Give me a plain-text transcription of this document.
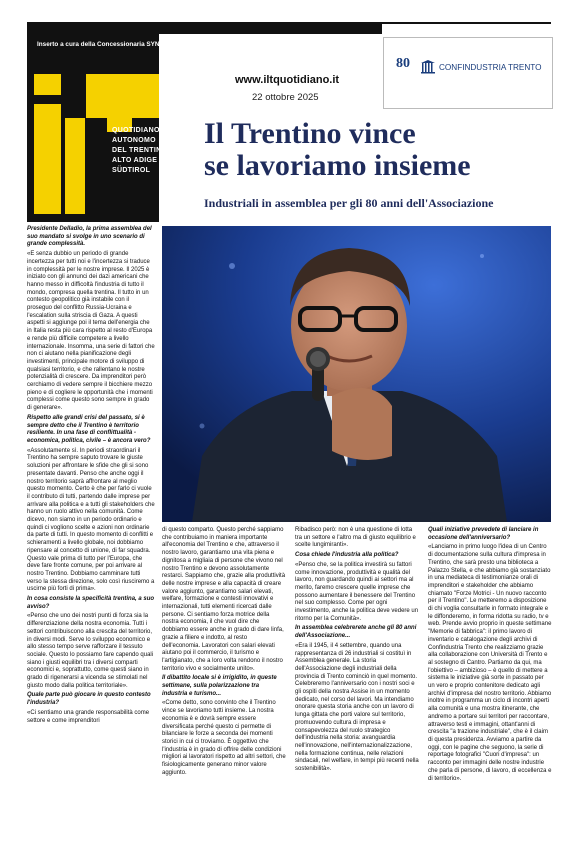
Inserto a cura della Concessionaria SYNTHESIS pubblicità
QUOTIDIANO
AUTONOMO
DEL TRENTINO
ALTO ADIGE /
SÜDTIROL
www.iltquotidiano.it
22 ottobre 2025
80	CONFINDUSTRIA TRENTO
Il Trentino vince
se lavoriamo insieme
Industriali in assemblea per gli 80 anni dell'Associazione

Presidente Delladio, la prima assemblea del suo mandato si svolge in uno scenario di grande complessità.

«E senza dubbio un periodo di grande incertezza per tutti noi e l'incertezza si traduce in complessità per le nostre imprese. Il 2025 è iniziato con gli annunci dei dazi americani che hanno messo in difficoltà l'industria di tutto il mondo, compresa quella trentina. Il tutto in un contesto geopolitico già instabile con il proseguo del conflitto Russia-Ucraina e l'escalation sulla striscia di Gaza. A questi aspetti si aggiunge poi il tema dell'energia che in Italia resta più cara rispetto al resto d'Europa e rende più difficile competere a livello internazionale. Insomma, una serie di fattori che non ci aiutano nella pianificazione degli investimenti, principale motore di sviluppo di qualsiasi territorio, e che rallentano le nostre potenzialità di crescere. Da imprenditori però cerchiamo di vedere sempre il bicchiere mezzo pieno e di cogliere le opportunità che i momenti complessi come questo sono sempre in grado di generare».

Rispetto alle grandi crisi del passato, si è sempre detto che il Trentino è territorio resiliente. In una fase di conflittualità - economica, politica, civile – è ancora vero?

«Assolutamente sì. In periodi straordinari il Trentino ha sempre saputo trovare le giuste soluzioni per affrontare le sfide che gli si sono presentate davanti. Penso che anche oggi il nostro territorio saprà affrontare al meglio questo momento. Certo è che per farlo ci vuole il contributo di tutti, partendo dalle imprese per arrivare alla politica e a tutti gli stakeholders che hanno un ruolo attivo nella comunità. Come dicevo, non siamo in un periodo ordinario e quindi ci vogliono scelte e azioni non ordinarie da parte di tutti. In questo momento di conflitti e schieramenti a livello globale, noi dobbiamo ripensare al concetto di unione, di far squadra. Questo vale prima di tutto per l'Europa, che deve fare fronte comune, per poi arrivare al nostro Trentino. Dobbiamo camminare tutti verso la stessa direzione, solo così riusciremo a uscirne più forti di prima».

In cosa consiste la specificità trentina, a suo avviso?

«Penso che uno dei nostri punti di forza sia la differenziazione della nostra economia. Tutti i settori contribuiscono alla crescita del territorio, in diversi modi. Serve lo sviluppo economico e allo stesso tempo serve rafforzare il tessuto sociale. Questo lo possiamo fare capendo quali siano i giusti equilibri tra i diversi comparti economici e, soprattutto, come questi siano in grado di rigenerarsi a vicenda se stimolati nel giusto modo dalla politica territoriale».

Quale parte può giocare in questo contesto l'industria?

«Ci sentiamo una grande responsabilità come settore e come imprenditori

di questo comparto. Questo perché sappiamo che contribuiamo in maniera importante all'economia del Trentino e che, attraverso il nostro lavoro, garantiamo una vita piena e dignitosa a migliaia di persone che vivono nel nostro Trentino e devono assolutamente restarci. Sappiamo che, grazie alla produttività delle nostre imprese e alla capacità di creare valore aggiunto, garantiamo salari elevati, welfare, formazione e contesti innovativi e internazionali, tutti elementi ricercati dalle persone. Ci sentiamo forza motrice della nostra economia, il che vuol dire che dobbiamo essere anche in grado di dare linfa, grazie a filiere e indotto, al resto dell'economia. Lavoratori con salari elevati aiutano poi il commercio, il turismo e l'artigianato, che a loro volta rendono il nostro territorio vivo e socialmente unito».

Il dibattito locale si è irrigidito, in queste settimane, sulla polarizzazione tra industria e turismo...

«Come detto, sono convinto che il Trentino vince se lavoriamo tutti insieme. La nostra economia è e dovrà sempre essere diversificata perché questo ci permette di bilanciare le forze a seconda dei momenti storici in cui ci troviamo. È oggettivo che l'industria è in grado di offrire delle condizioni migliori ai lavoratori rispetto ad altri settori, che fisiologicamente generano minor valore aggiunto.

Ribadisco però: non è una questione di lotta tra un settore e l'altro ma di giusto equilibrio e scelte lungimiranti».

Cosa chiede l'industria alla politica?

«Penso che, se la politica investirà su fattori come innovazione, produttività e qualità del lavoro, non guardando quindi ai settori ma al merito, faremo crescere quelle imprese che possono aumentare il benessere del Trentino nel suo complesso. Come per ogni investimento, anche la politica deve vedere un ritorno per la Comunità».

In assemblea celebrerete anche gli 80 anni dell'Associazione...

«Era il 1945, il 4 settembre, quando una rappresentanza di 26 industriali si costituì in Assemblea generale. La storia dell'Associazione degli industriali della provincia di Trento cominciò in quel momento. Celebreremo l'anniversario con i nostri soci e gli ospiti della nostra Assise in un momento dedicato, nel corso del lavori. Ma intendiamo onorare questa storia anche con un lavoro di lunga gittata che porti valore sul territorio, promuovendo cultura di impresa e consapevolezza del ruolo strategico dell'industria nella storia: avanguardia nell'innovazione, nell'internazionalizzazione, nella formazione continua, nelle relazioni sindacali, nel welfare, in tempi più recenti nella sostenibilità».

Quali iniziative prevedete di lanciare in occasione dell'anniversario?

«Lanciamo in primo luogo l'idea di un Centro di documentazione sulla cultura d'impresa in Trentino, che sarà presto una biblioteca a Palazzo Stella, e che abbiamo già sostanziato in una mediateca di testimonianze orali di imprenditori e stakeholder che abbiamo chiamato "Forze Motrici - Un nuovo racconto per il Trentino". Le metteremo a disposizione di chi voglia consultarle in formato integrale e le diffonderemo, in forma ridotta su radio, tv e web. Prende avvio proprio in queste settimane "Memorie di fabbrica": il primo lavoro di inventario e catalogazione degli archivi di Confindustria Trento che realizziamo grazie alla collaborazione con Università di Trento e al sostegno di Cantro. Partiamo da qui, ma l'obiettivo – ambizioso – è quello di mettere a sistema le iniziative già sorte in passato per un vero e proprio contenitore dedicato agli archivi d'impresa del nostro territorio. Abbiamo inoltre in programma un ciclo di incontri aperti alla comunità e una mostra itinerante, che andremo a portare sui territori per raccontare, attraverso testi e immagini, ottant'anni di crescita "a trazione industriale", che è il claim di questa presidenza. Avviamo a partire da oggi, con le pagine che seguono, la serie di reportage fotografici "Cuori d'impresa": un racconto per immagini delle nostre industrie che parla di persone, di lavoro, di eccellenza e di territorio».
